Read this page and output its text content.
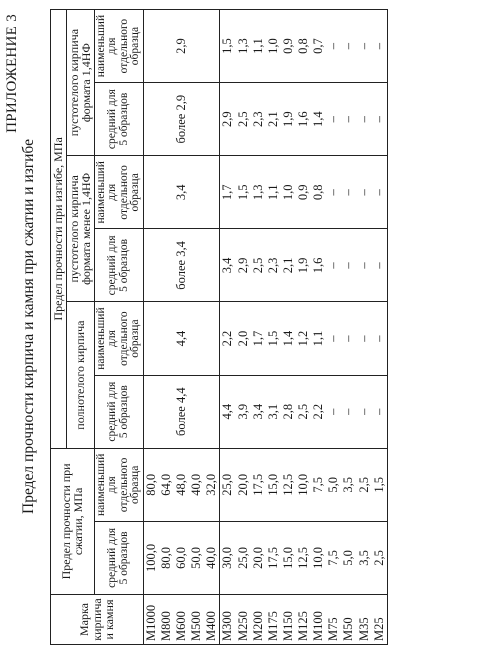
ПРИЛОЖЕНИЕ 3
Предел прочности кирпича и камня при сжатии и изгибе
Марка кирпича и камня	Предел прочности при сжатии, МПа		Предел прочности при изгибе, МПа					
			полнотелого кирпича		пустотелого кирпича формата менее 1,4НФ		пустотелого кирпича формата 1,4НФ	
	средний для 5 образцов	наименьший для отдельного образца	средний для 5 образцов	наименьший для отдельного образца	средний для 5 образцов	наименьший для отдельного образца	средний для 5 образцов	наименьший для отдельного образца
М1000	100,0	80,0	более 4,4	4,4	более 3,4	3,4	более 2,9	2,9
М800	80,0	64,0						
М600	60,0	48,0						
М500	50,0	40,0						
М400	40,0	32,0						
М300	30,0	25,0	4,4	2,2	3,4	1,7	2,9	1,5
М250	25,0	20,0	3,9	2,0	2,9	1,5	2,5	1,3
М200	20,0	17,5	3,4	1,7	2,5	1,3	2,3	1,1
М175	17,5	15,0	3,1	1,5	2,3	1,1	2,1	1,0
М150	15,0	12,5	2,8	1,4	2,1	1,0	1,9	0,9
М125	12,5	10,0	2,5	1,2	1,9	0,9	1,6	0,8
М100	10,0	7,5	2,2	1,1	1,6	0,8	1,4	0,7
М75	7,5	5,0	–	–	–	–	–	–
М50	5,0	3,5	–	–	–	–	–	–
М35	3,5	2,5	–	–	–	–	–	–
М25	2,5	1,5	–	–	–	–	–	–
